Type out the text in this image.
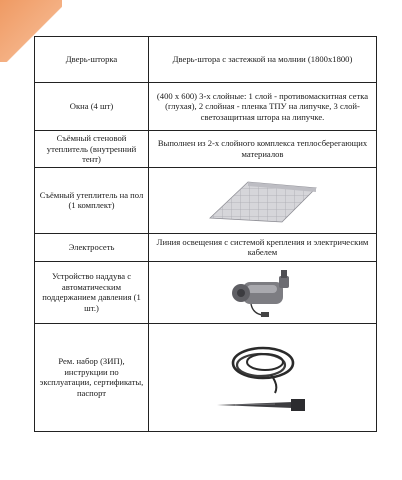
Дверь-шторка	Дверь-штора с застежкой на молнии (1800х1800)
Окна (4 шт)	(400 х 600) 3-х слойные: 1 слой - противомаскитная сетка (глухая), 2 слойная - пленка ТПУ на липучке, 3 слой-светозащитная штора на липучке.
Съёмный стеновой утеплитель (внутренний тент)	Выполнен из 2-х слойного комплекса теплосберегающих материалов
Съёмный утеплитель на пол (1 комплект)	

Электросеть	Линия освещения с системой крепления и электрическим кабелем
Устройство наддува с автоматическим поддержанием давления (1 шт.)	

Рем. набор (ЗИП), инструкции по эксплуатации, сертификаты, паспорт	
